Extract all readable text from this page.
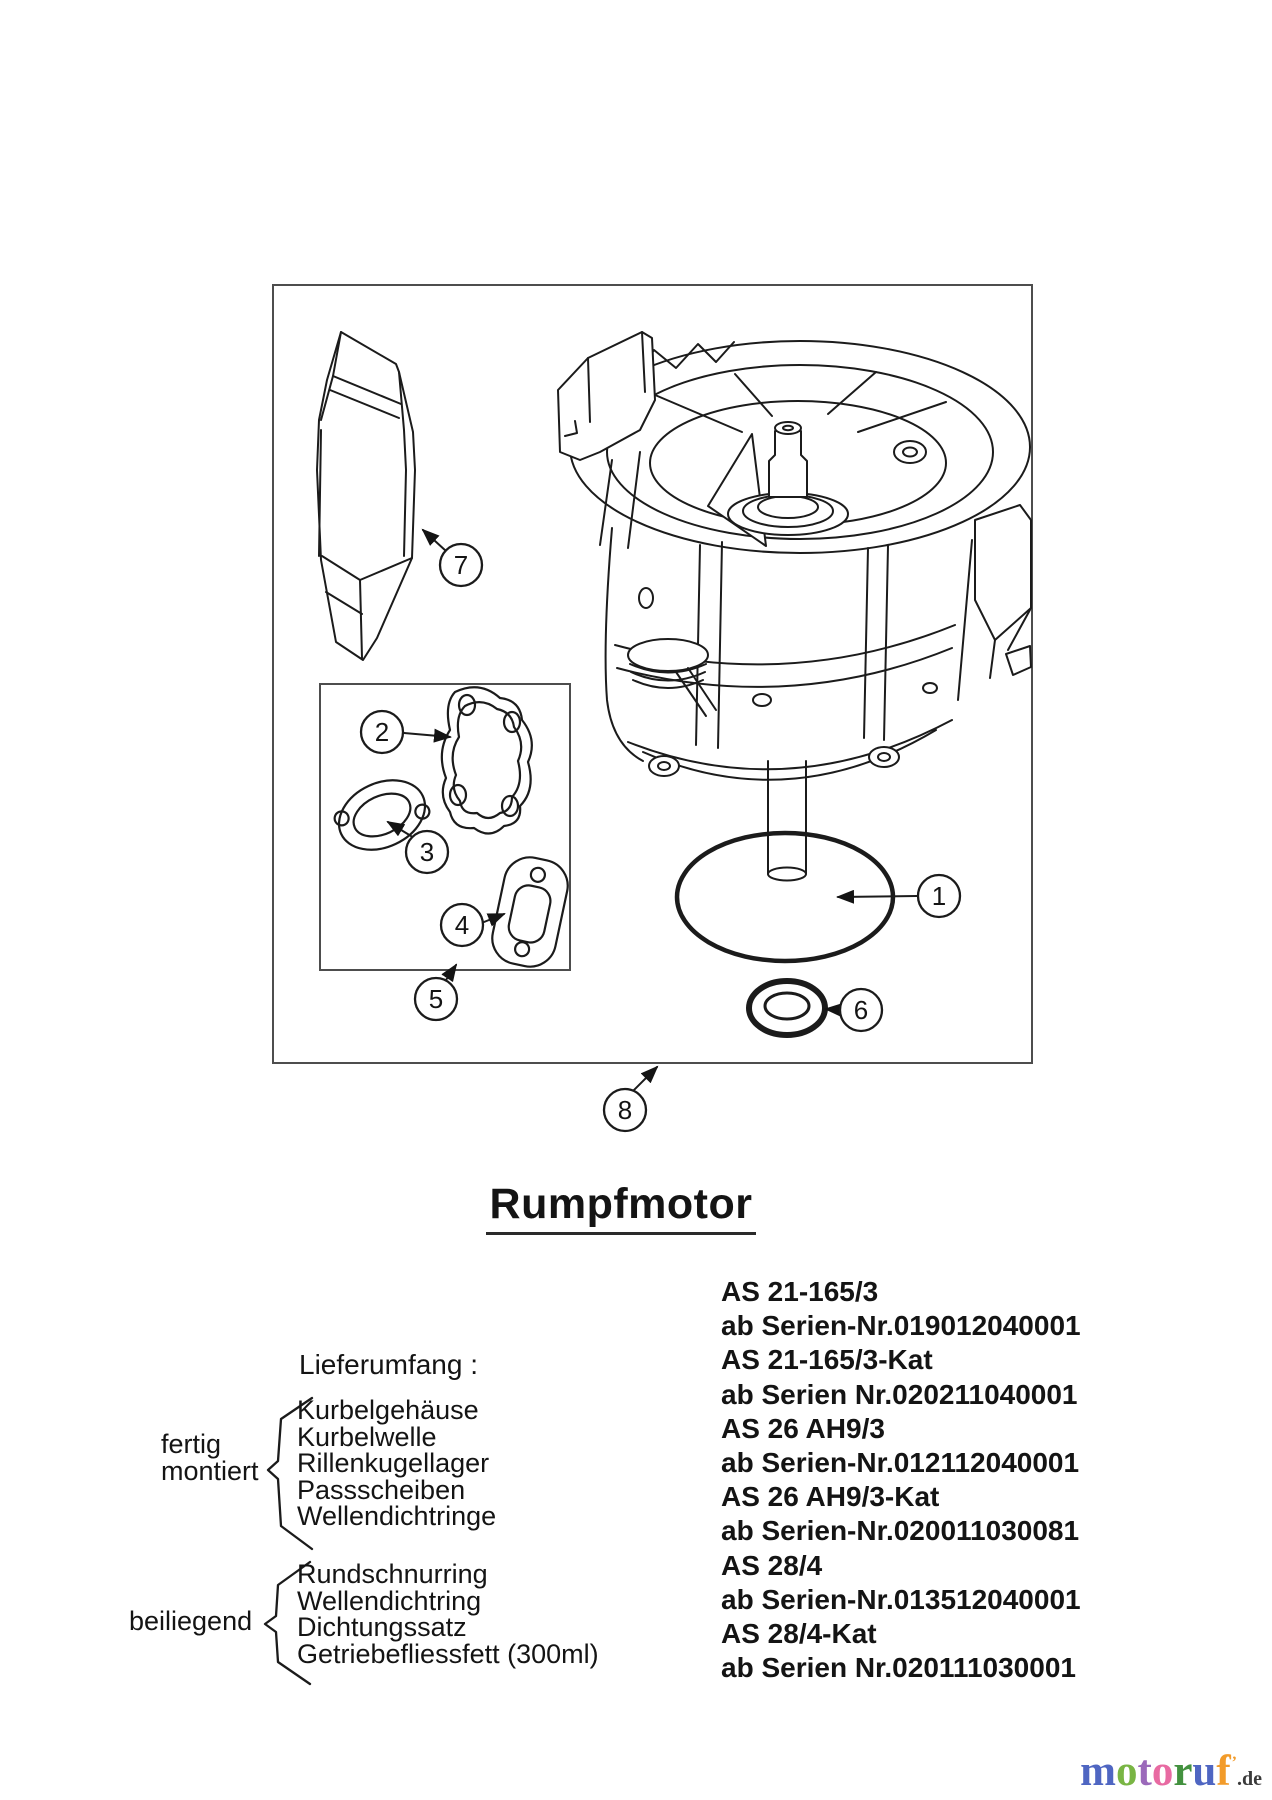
1
2
3
4
5	6
7
8
Rumpfmotor
Lieferumfang :
fertig
montiert
Kurbelgehäuse
Kurbelwelle
Rillenkugellager
Passscheiben
Wellendichtringe
beiliegend
Rundschnurring
Wellendichtring
Dichtungssatz
Getriebefliessfett (300ml)
AS 21-165/3
ab Serien-Nr.019012040001
AS 21-165/3-Kat
ab Serien Nr.020211040001
AS 26 AH9/3
ab Serien-Nr.012112040001
AS 26 AH9/3-Kat
ab Serien-Nr.020011030081
AS 28/4
ab Serien-Nr.013512040001
AS 28/4-Kat
ab Serien Nr.020111030001
motoruf’.de
